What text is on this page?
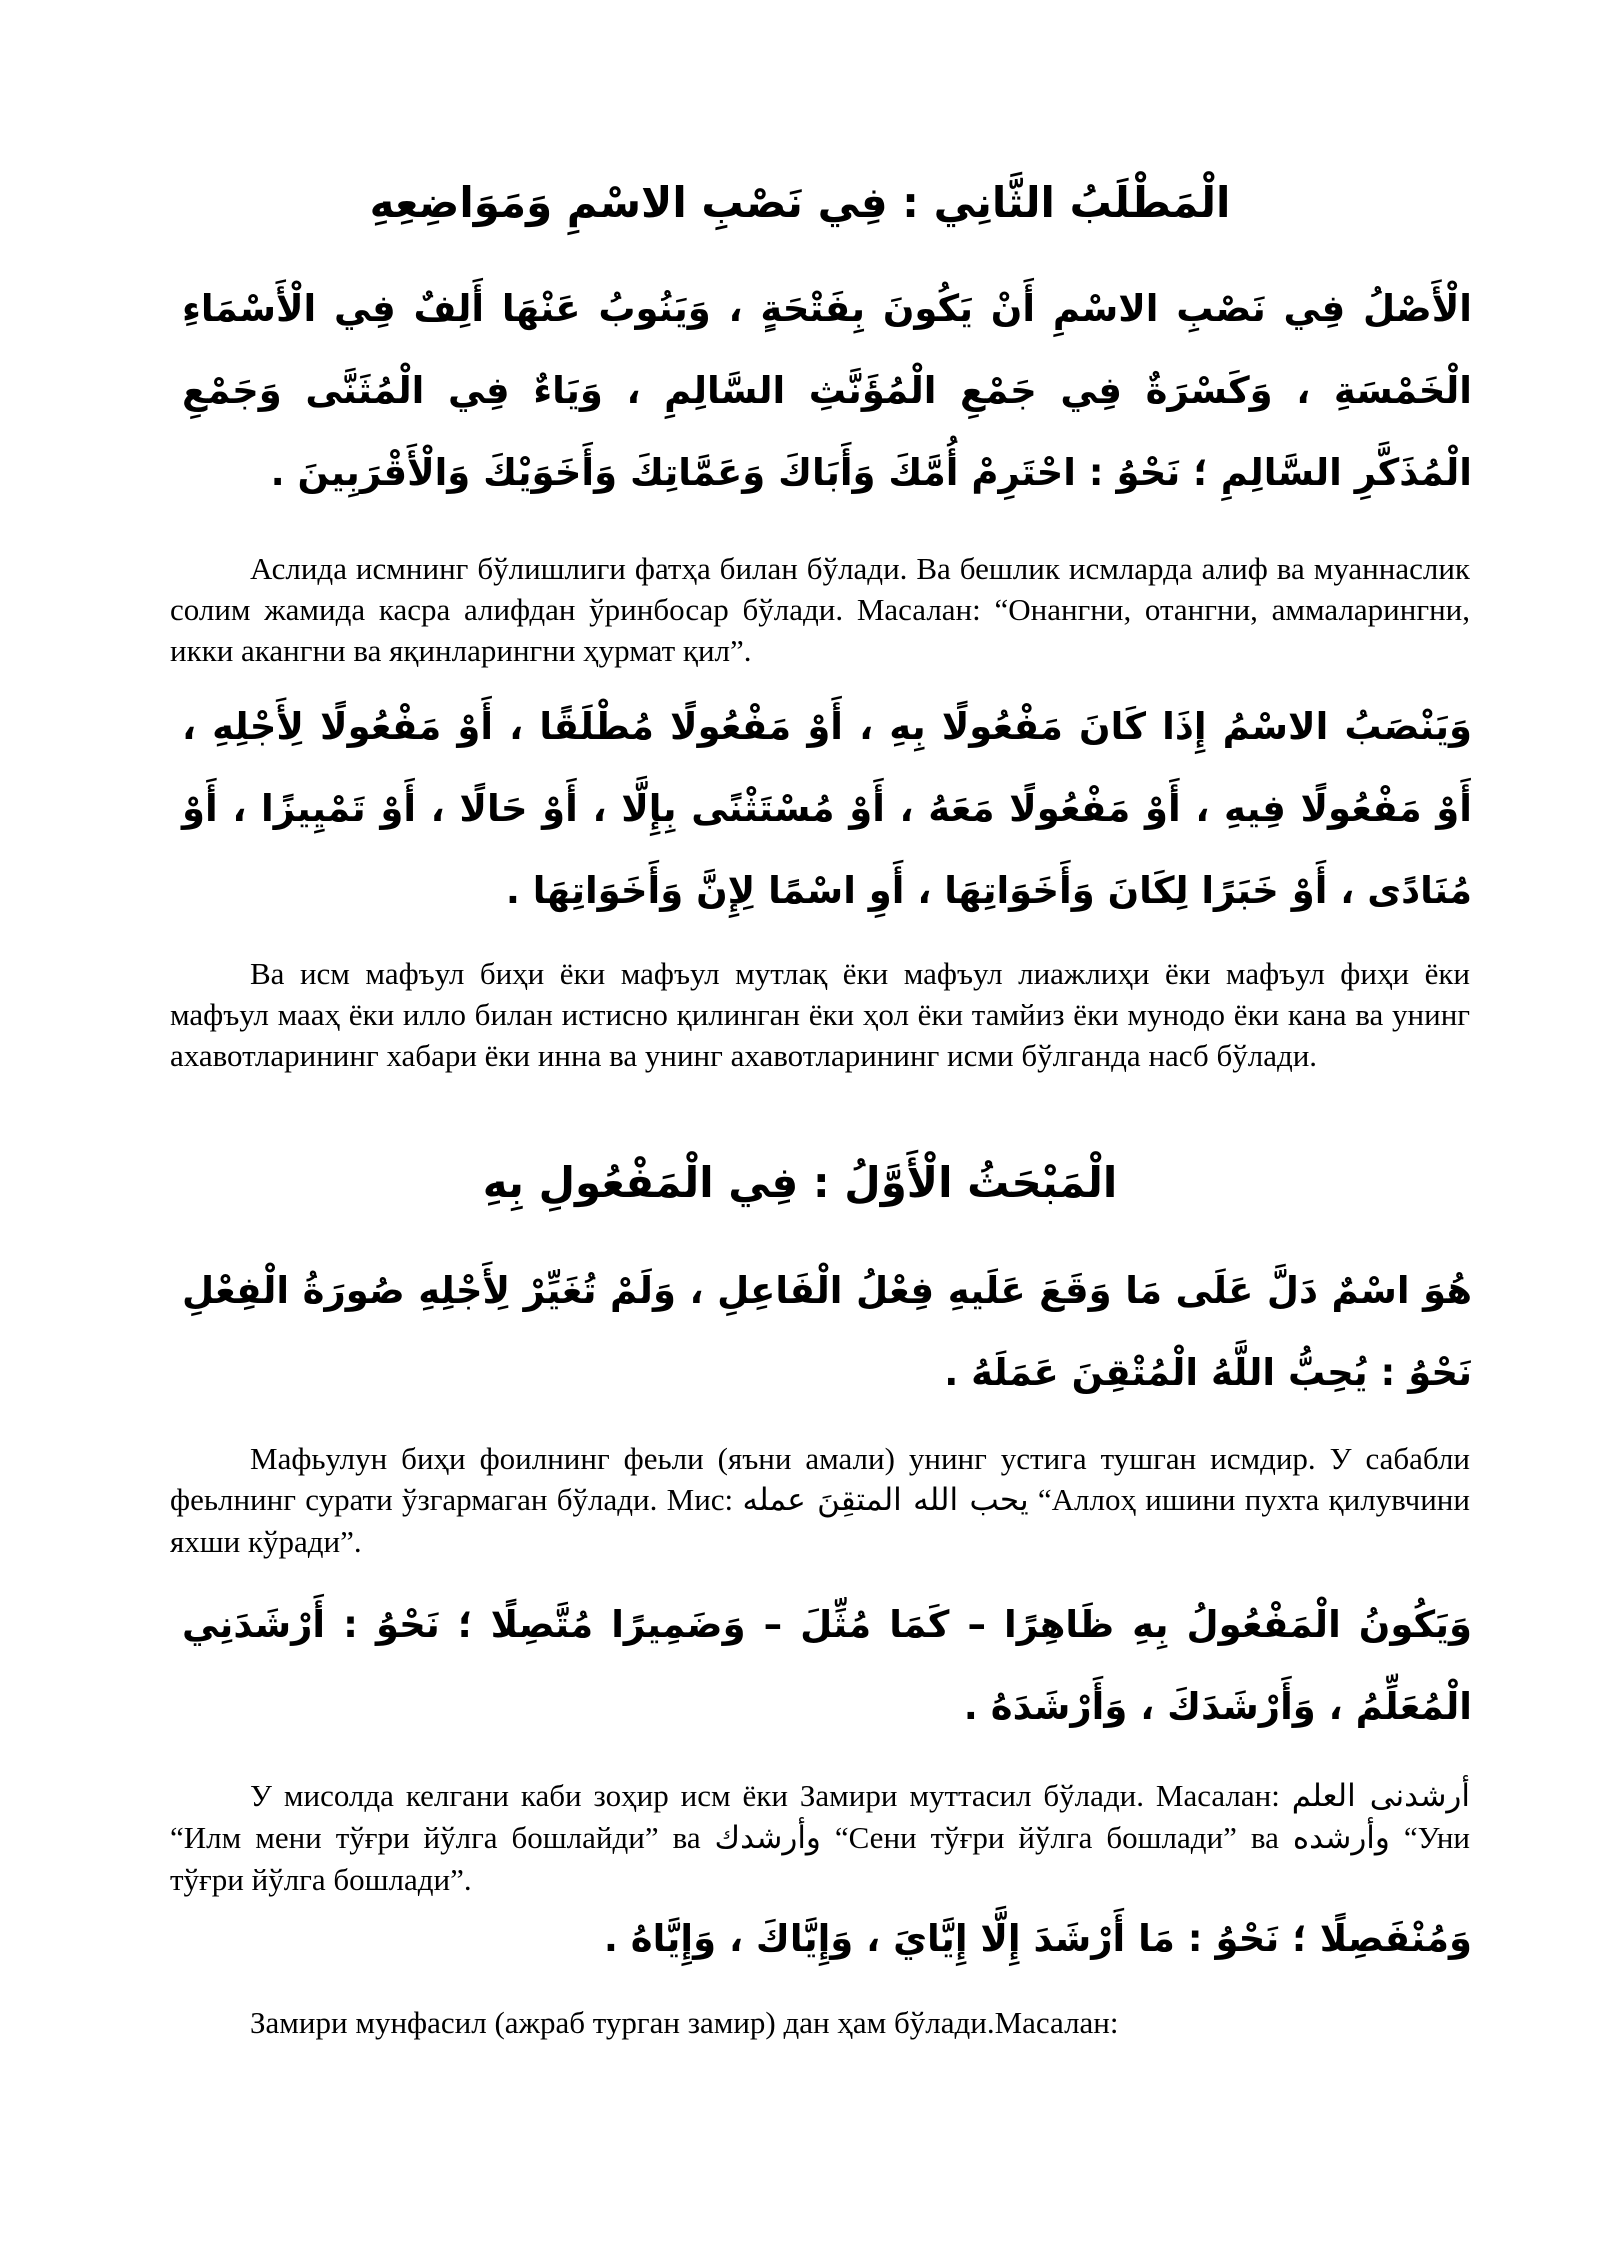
الْمَطْلَبُ الثَّانِي : فِي نَصْبِ الاسْمِ وَمَوَاضِعِهِ
الْأَصْلُ فِي نَصْبِ الاسْمِ أَنْ يَكُونَ بِفَتْحَةٍ ، وَيَنُوبُ عَنْهَا أَلِفٌ فِي الْأَسْمَاءِ الْخَمْسَةِ ، وَكَسْرَةٌ فِي جَمْعِ الْمُؤَنَّثِ السَّالِمِ ، وَيَاءٌ فِي الْمُثَنَّى وَجَمْعِ الْمُذَكَّرِ السَّالِمِ ؛ نَحْوُ : احْتَرِمْ أُمَّكَ وَأَبَاكَ وَعَمَّاتِكَ وَأَخَوَيْكَ وَالْأَقْرَبِينَ .

Аслида исмнинг бўлишлиги фатҳа билан бўлади. Ва бешлик исмларда алиф ва муаннаслик солим жамида касра алифдан ўринбосар бўлади. Масалан: “Онангни, отангни, аммаларингни, икки акангни ва яқинларингни ҳурмат қил”.

وَيَنْصَبُ الاسْمُ إِذَا كَانَ مَفْعُولًا بِهِ ، أَوْ مَفْعُولًا مُطْلَقًا ، أَوْ مَفْعُولًا لِأَجْلِهِ ، أَوْ مَفْعُولًا فِيهِ ، أَوْ مَفْعُولًا مَعَهُ ، أَوْ مُسْتَثْنًى بِإِلَّا ، أَوْ حَالًا ، أَوْ تَمْيِيزًا ، أَوْ مُنَادًى ، أَوْ خَبَرًا لِكَانَ وَأَخَوَاتِهَا ، أَوِ اسْمًا لِإِنَّ وَأَخَوَاتِهَا .

Ва исм мафъул биҳи ёки мафъул мутлақ ёки мафъул лиажлиҳи ёки мафъул фиҳи ёки мафъул мааҳ ёки илло билан истисно қилинган ёки ҳол ёки тамйиз ёки мунодо ёки кана ва унинг ахавотларининг хабари ёки инна ва унинг ахавотларининг исми бўлганда насб бўлади.

الْمَبْحَثُ الْأَوَّلُ : فِي الْمَفْعُولِ بِهِ
هُوَ اسْمٌ دَلَّ عَلَى مَا وَقَعَ عَلَيهِ فِعْلُ الْفَاعِلِ ، وَلَمْ تُغَيِّرْ لِأَجْلِهِ صُورَةُ الْفِعْلِ نَحْوُ : يُحِبُّ اللَّهُ الْمُتْقِنَ عَمَلَهُ .

Мафьулун биҳи фоилнинг феьли (яъни амали) унинг устига тушган исмдир. У сабабли феьлнинг сурати ўзгармаган бўлади. Мис: يحب الله المتقِنَ عمله “Аллоҳ ишини пухта қилувчини яхши кўради”.

وَيَكُونُ الْمَفْعُولُ بِهِ ظَاهِرًا – كَمَا مُثِّلَ – وَضَمِيرًا مُتَّصِلًا ؛ نَحْوُ : أَرْشَدَنِي الْمُعَلِّمُ ، وَأَرْشَدَكَ ، وَأَرْشَدَهُ .

У мисолда келгани каби зоҳир исм ёки Замири муттасил бўлади. Масалан: أرشدنى العلم “Илм мени тўғри йўлга бошлайди” ва وأرشدك “Сени тўғри йўлга бошлади” ва وأرشده “Уни тўғри йўлга бошлади”.

وَمُنْفَصِلًا ؛ نَحْوُ : مَا أَرْشَدَ إِلَّا إِيَّايَ ، وَإِيَّاكَ ، وَإِيَّاهُ .

Замири мунфасил (ажраб турган замир) дан ҳам бўлади.Масалан:
